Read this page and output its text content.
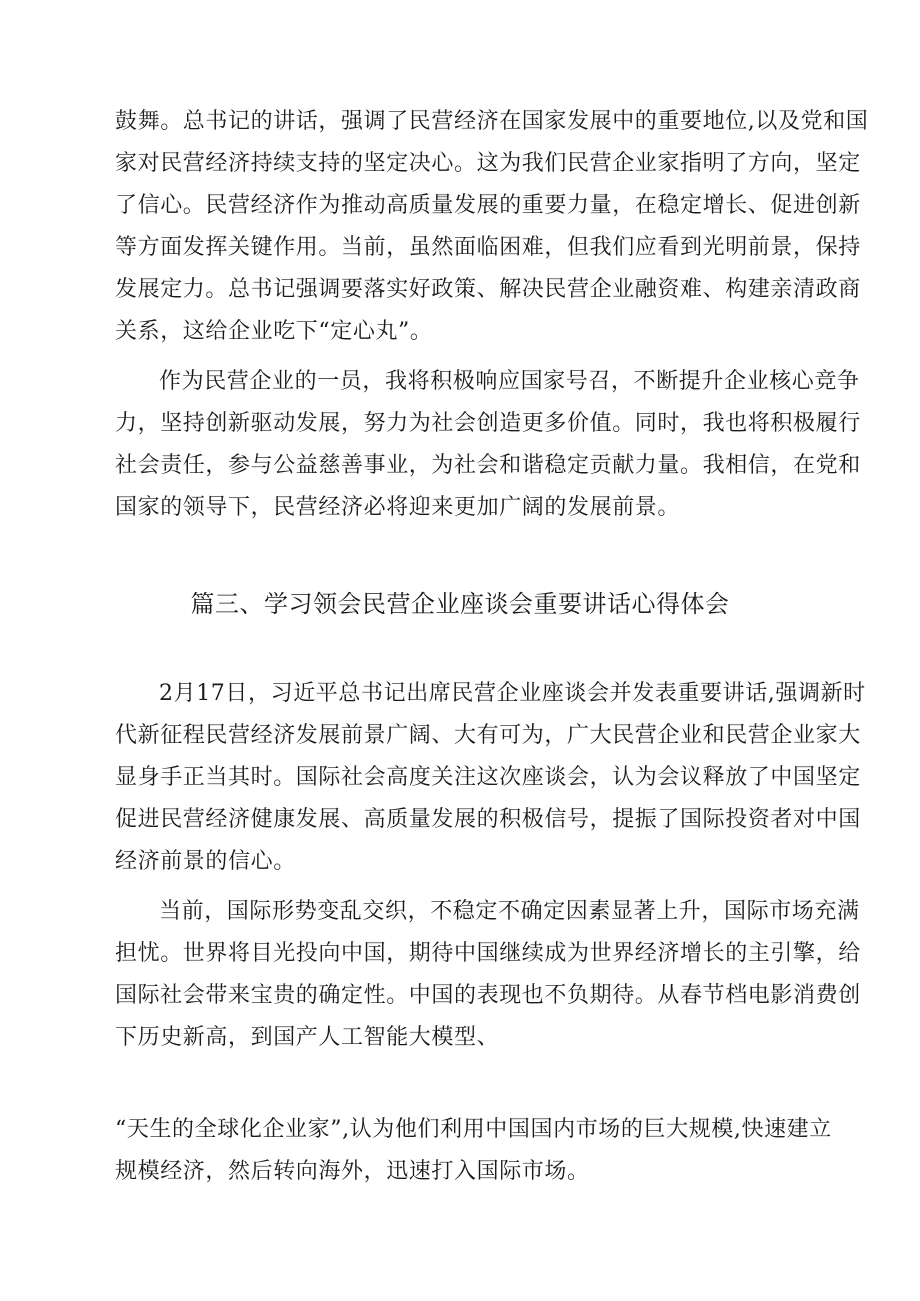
鼓舞。总书记的讲话，强调了民营经济在国家发展中的重要地位,以及党和国
家对民营经济持续支持的坚定决心。这为我们民营企业家指明了方向，坚定
了信心。民营经济作为推动高质量发展的重要力量，在稳定增长、促进创新
等方面发挥关键作用。当前，虽然面临困难，但我们应看到光明前景，保持
发展定力。总书记强调要落实好政策、解决民营企业融资难、构建亲清政商
关系，这给企业吃下“定心丸”。
作为民营企业的一员，我将积极响应国家号召，不断提升企业核心竞争
力，坚持创新驱动发展，努力为社会创造更多价值。同时，我也将积极履行
社会责任，参与公益慈善事业，为社会和谐稳定贡献力量。我相信，在党和
国家的领导下，民营经济必将迎来更加广阔的发展前景。
篇三、学习领会民营企业座谈会重要讲话心得体会
2月17日，习近平总书记出席民营企业座谈会并发表重要讲话,强调新时
代新征程民营经济发展前景广阔、大有可为，广大民营企业和民营企业家大
显身手正当其时。国际社会高度关注这次座谈会，认为会议释放了中国坚定
促进民营经济健康发展、高质量发展的积极信号，提振了国际投资者对中国
经济前景的信心。
当前，国际形势变乱交织，不稳定不确定因素显著上升，国际市场充满
担忧。世界将目光投向中国，期待中国继续成为世界经济增长的主引擎，给
国际社会带来宝贵的确定性。中国的表现也不负期待。从春节档电影消费创
下历史新高，到国产人工智能大模型、
“天生的全球化企业家”,认为他们利用中国国内市场的巨大规模,快速建立
规模经济，然后转向海外，迅速打入国际市场。
